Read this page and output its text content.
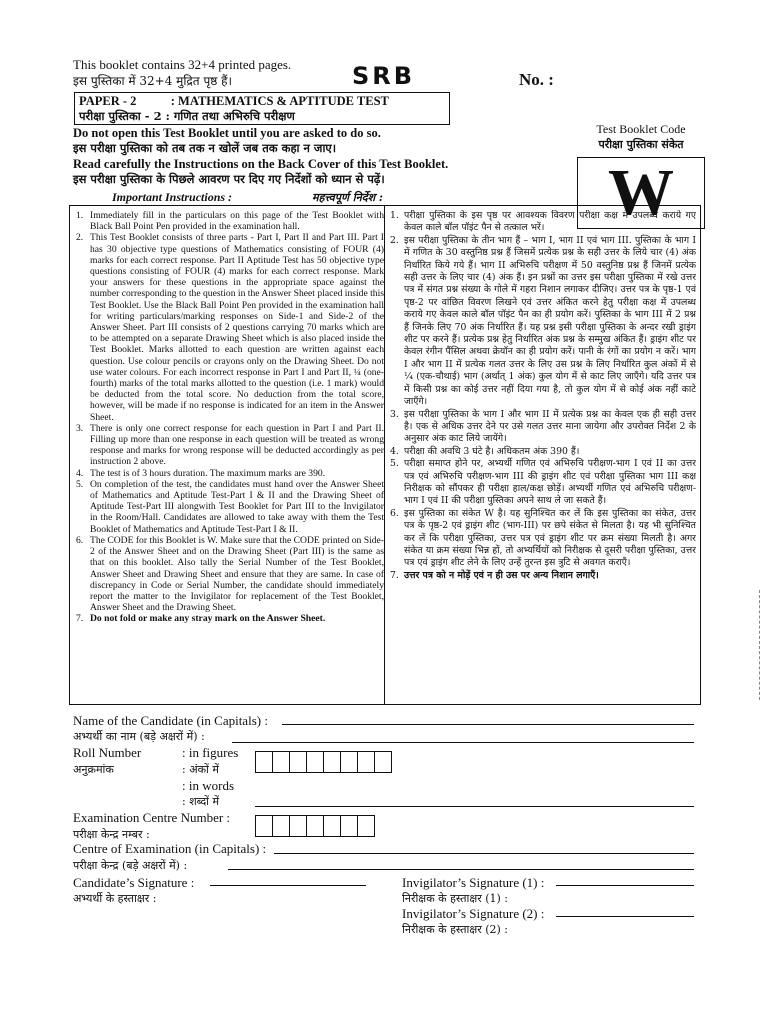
This booklet contains 32+4 printed pages.
इस पुस्तिका में 32+4 मुद्रित पृष्ठ हैं।	SRB	No. :
PAPER - 2           : MATHEMATICS & APTITUDE TEST
परीक्षा पुस्तिका - 2 : गणित तथा अभिरुचि परीक्षण
Do not open this Test Booklet until you are asked to do so.
इस परीक्षा पुस्तिका को तब तक न खोलें जब तक कहा न जाए।
Read carefully the Instructions on the Back Cover of this Test Booklet.
इस परीक्षा पुस्तिका के पिछले आवरण पर दिए गए निर्देशों को ध्यान से पढ़ें।
Test Booklet Code
परीक्षा पुस्तिका संकेत
W
Important Instructions :	महत्त्वपूर्ण निर्देश :
1. Immediately fill in the particulars on this page of the Test Booklet with Black Ball Point Pen provided in the examination hall.
2. This Test Booklet consists of three parts - Part I, Part II and Part III. Part I has 30 objective type questions of Mathematics consisting of FOUR (4) marks for each correct response. Part II Aptitude Test has 50 objective type questions consisting of FOUR (4) marks for each correct response. Mark your answers for these questions in the appropriate space against the number corresponding to the question in the Answer Sheet placed inside this Test Booklet. Use the Black Ball Point Pen provided in the examination hall for writing particulars/marking responses on Side-1 and Side-2 of the Answer Sheet. Part III consists of 2 questions carrying 70 marks which are to be attempted on a separate Drawing Sheet which is also placed inside the Test Booklet. Marks allotted to each question are written against each question. Use colour pencils or crayons only on the Drawing Sheet. Do not use water colours. For each incorrect response in Part I and Part II, ¼ (one-fourth) marks of the total marks allotted to the question (i.e. 1 mark) would be deducted from the total score. No deduction from the total score, however, will be made if no response is indicated for an item in the Answer Sheet.
3. There is only one correct response for each question in Part I and Part II. Filling up more than one response in each question will be treated as wrong response and marks for wrong response will be deducted accordingly as per instruction 2 above.
4. The test is of 3 hours duration. The maximum marks are 390.
5. On completion of the test, the candidates must hand over the Answer Sheet of Mathematics and Aptitude Test-Part I & II and the Drawing Sheet of Aptitude Test-Part III alongwith Test Booklet for Part III to the Invigilator in the Room/Hall. Candidates are allowed to take away with them the Test Booklet of Mathematics and Aptitude Test-Part I & II.
6. The CODE for this Booklet is W. Make sure that the CODE printed on Side-2 of the Answer Sheet and on the Drawing Sheet (Part III) is the same as that on this booklet. Also tally the Serial Number of the Test Booklet, Answer Sheet and Drawing Sheet and ensure that they are same. In case of discrepancy in Code or Serial Number, the candidate should immediately report the matter to the Invigilator for replacement of the Test Booklet, Answer Sheet and the Drawing Sheet.
7. Do not fold or make any stray mark on the Answer Sheet.
1. परीक्षा पुस्तिका के इस पृष्ठ पर आवश्यक विवरण परीक्षा कक्ष में उपलब्ध कराये गए केवल काले बॉल पॉइंट पैन से तत्काल भरें।
2. इस परीक्षा पुस्तिका के तीन भाग हैं – भाग I, भाग II एवं भाग III. पुस्तिका के भाग I में गणित के 30 वस्तुनिष्ठ प्रश्न हैं जिसमें प्रत्येक प्रश्न के सही उत्तर के लिये चार (4) अंक निर्धारित किये गये हैं। भाग II अभिरुचि परीक्षण में 50 वस्तुनिष्ठ प्रश्न हैं जिनमें प्रत्येक सही उत्तर के लिए चार (4) अंक हैं। इन प्रश्नों का उत्तर इस परीक्षा पुस्तिका में रखे उत्तर पत्र में संगत प्रश्न संख्या के गोले में गहरा निशान लगाकर दीजिए। उत्तर पत्र के पृष्ठ-1 एवं पृष्ठ-2 पर वांछित विवरण लिखने एवं उत्तर अंकित करने हेतु परीक्षा कक्ष में उपलब्ध कराये गए केवल काले बॉल पॉइंट पैन का ही प्रयोग करें। पुस्तिका के भाग III में 2 प्रश्न हैं जिनके लिए 70 अंक निर्धारित हैं। यह प्रश्न इसी परीक्षा पुस्तिका के अन्दर रखी ड्राइंग शीट पर करने हैं। प्रत्येक प्रश्न हेतु निर्धारित अंक प्रश्न के सम्मुख अंकित हैं। ड्राइंग शीट पर केवल रंगीन पैंसिल अथवा क्रेयॉन का ही प्रयोग करें। पानी के रंगों का प्रयोग न करें। भाग I और भाग II में प्रत्येक गलत उत्तर के लिए उस प्रश्न के लिए निर्धारित कुल अंकों में से ¼ (एक-चौथाई) भाग (अर्थात् 1 अंक) कुल योग में से काट लिए जाएँगे। यदि उत्तर पत्र में किसी प्रश्न का कोई उत्तर नहीं दिया गया है, तो कुल योग में से कोई अंक नहीं काटे जाएँगे।
3. इस परीक्षा पुस्तिका के भाग I और भाग II में प्रत्येक प्रश्न का केवल एक ही सही उत्तर है। एक से अधिक उत्तर देने पर उसे गलत उत्तर माना जायेगा और उपरोक्त निर्देश 2 के अनुसार अंक काट लिये जायेंगे।
4. परीक्षा की अवधि 3 घंटे है। अधिकतम अंक 390 हैं।
5. परीक्षा समाप्त होने पर, अभ्यर्थी गणित एवं अभिरुचि परीक्षण-भाग I एवं II का उत्तर पत्र एवं अभिरुचि परीक्षण-भाग III की ड्राइंग शीट एवं परीक्षा पुस्तिका भाग III कक्ष निरीक्षक को सौंपकर ही परीक्षा हाल/कक्ष छोड़ें। अभ्यर्थी गणित एवं अभिरुचि परीक्षण-भाग I एवं II की परीक्षा पुस्तिका अपने साथ ले जा सकते हैं।
6. इस पुस्तिका का संकेत W है। यह सुनिश्चित कर लें कि इस पुस्तिका का संकेत, उत्तर पत्र के पृष्ठ-2 एवं ड्राइंग शीट (भाग-III) पर छपे संकेत से मिलता है। यह भी सुनिश्चित कर लें कि परीक्षा पुस्तिका, उत्तर पत्र एवं ड्राइंग शीट पर क्रम संख्या मिलती है। अगर संकेत या क्रम संख्या भिन्न हों, तो अभ्यर्थियों को निरीक्षक से दूसरी परीक्षा पुस्तिका, उत्तर पत्र एवं ड्राइंग शीट लेने के लिए उन्हें तुरन्त इस त्रुटि से अवगत कराएँ।
7. उत्तर पत्र को न मोड़ें एवं न ही उस पर अन्य निशान लगाएँ।
Name of the Candidate (in Capitals) :
अभ्यर्थी का नाम (बड़े अक्षरों में) :
Roll Number
अनुक्रमांक
: in figures
: अंकों में
: in words
: शब्दों में
Examination Centre Number :
परीक्षा केन्द्र नम्बर :
Centre of Examination (in Capitals) :
परीक्षा केन्द्र (बड़े अक्षरों में) :
Candidate’s Signature :
अभ्यर्थी के हस्ताक्षर :
Invigilator’s Signature (1) :
निरीक्षक के हस्ताक्षर (1) :
Invigilator’s Signature (2) :
निरीक्षक के हस्ताक्षर (2) :
